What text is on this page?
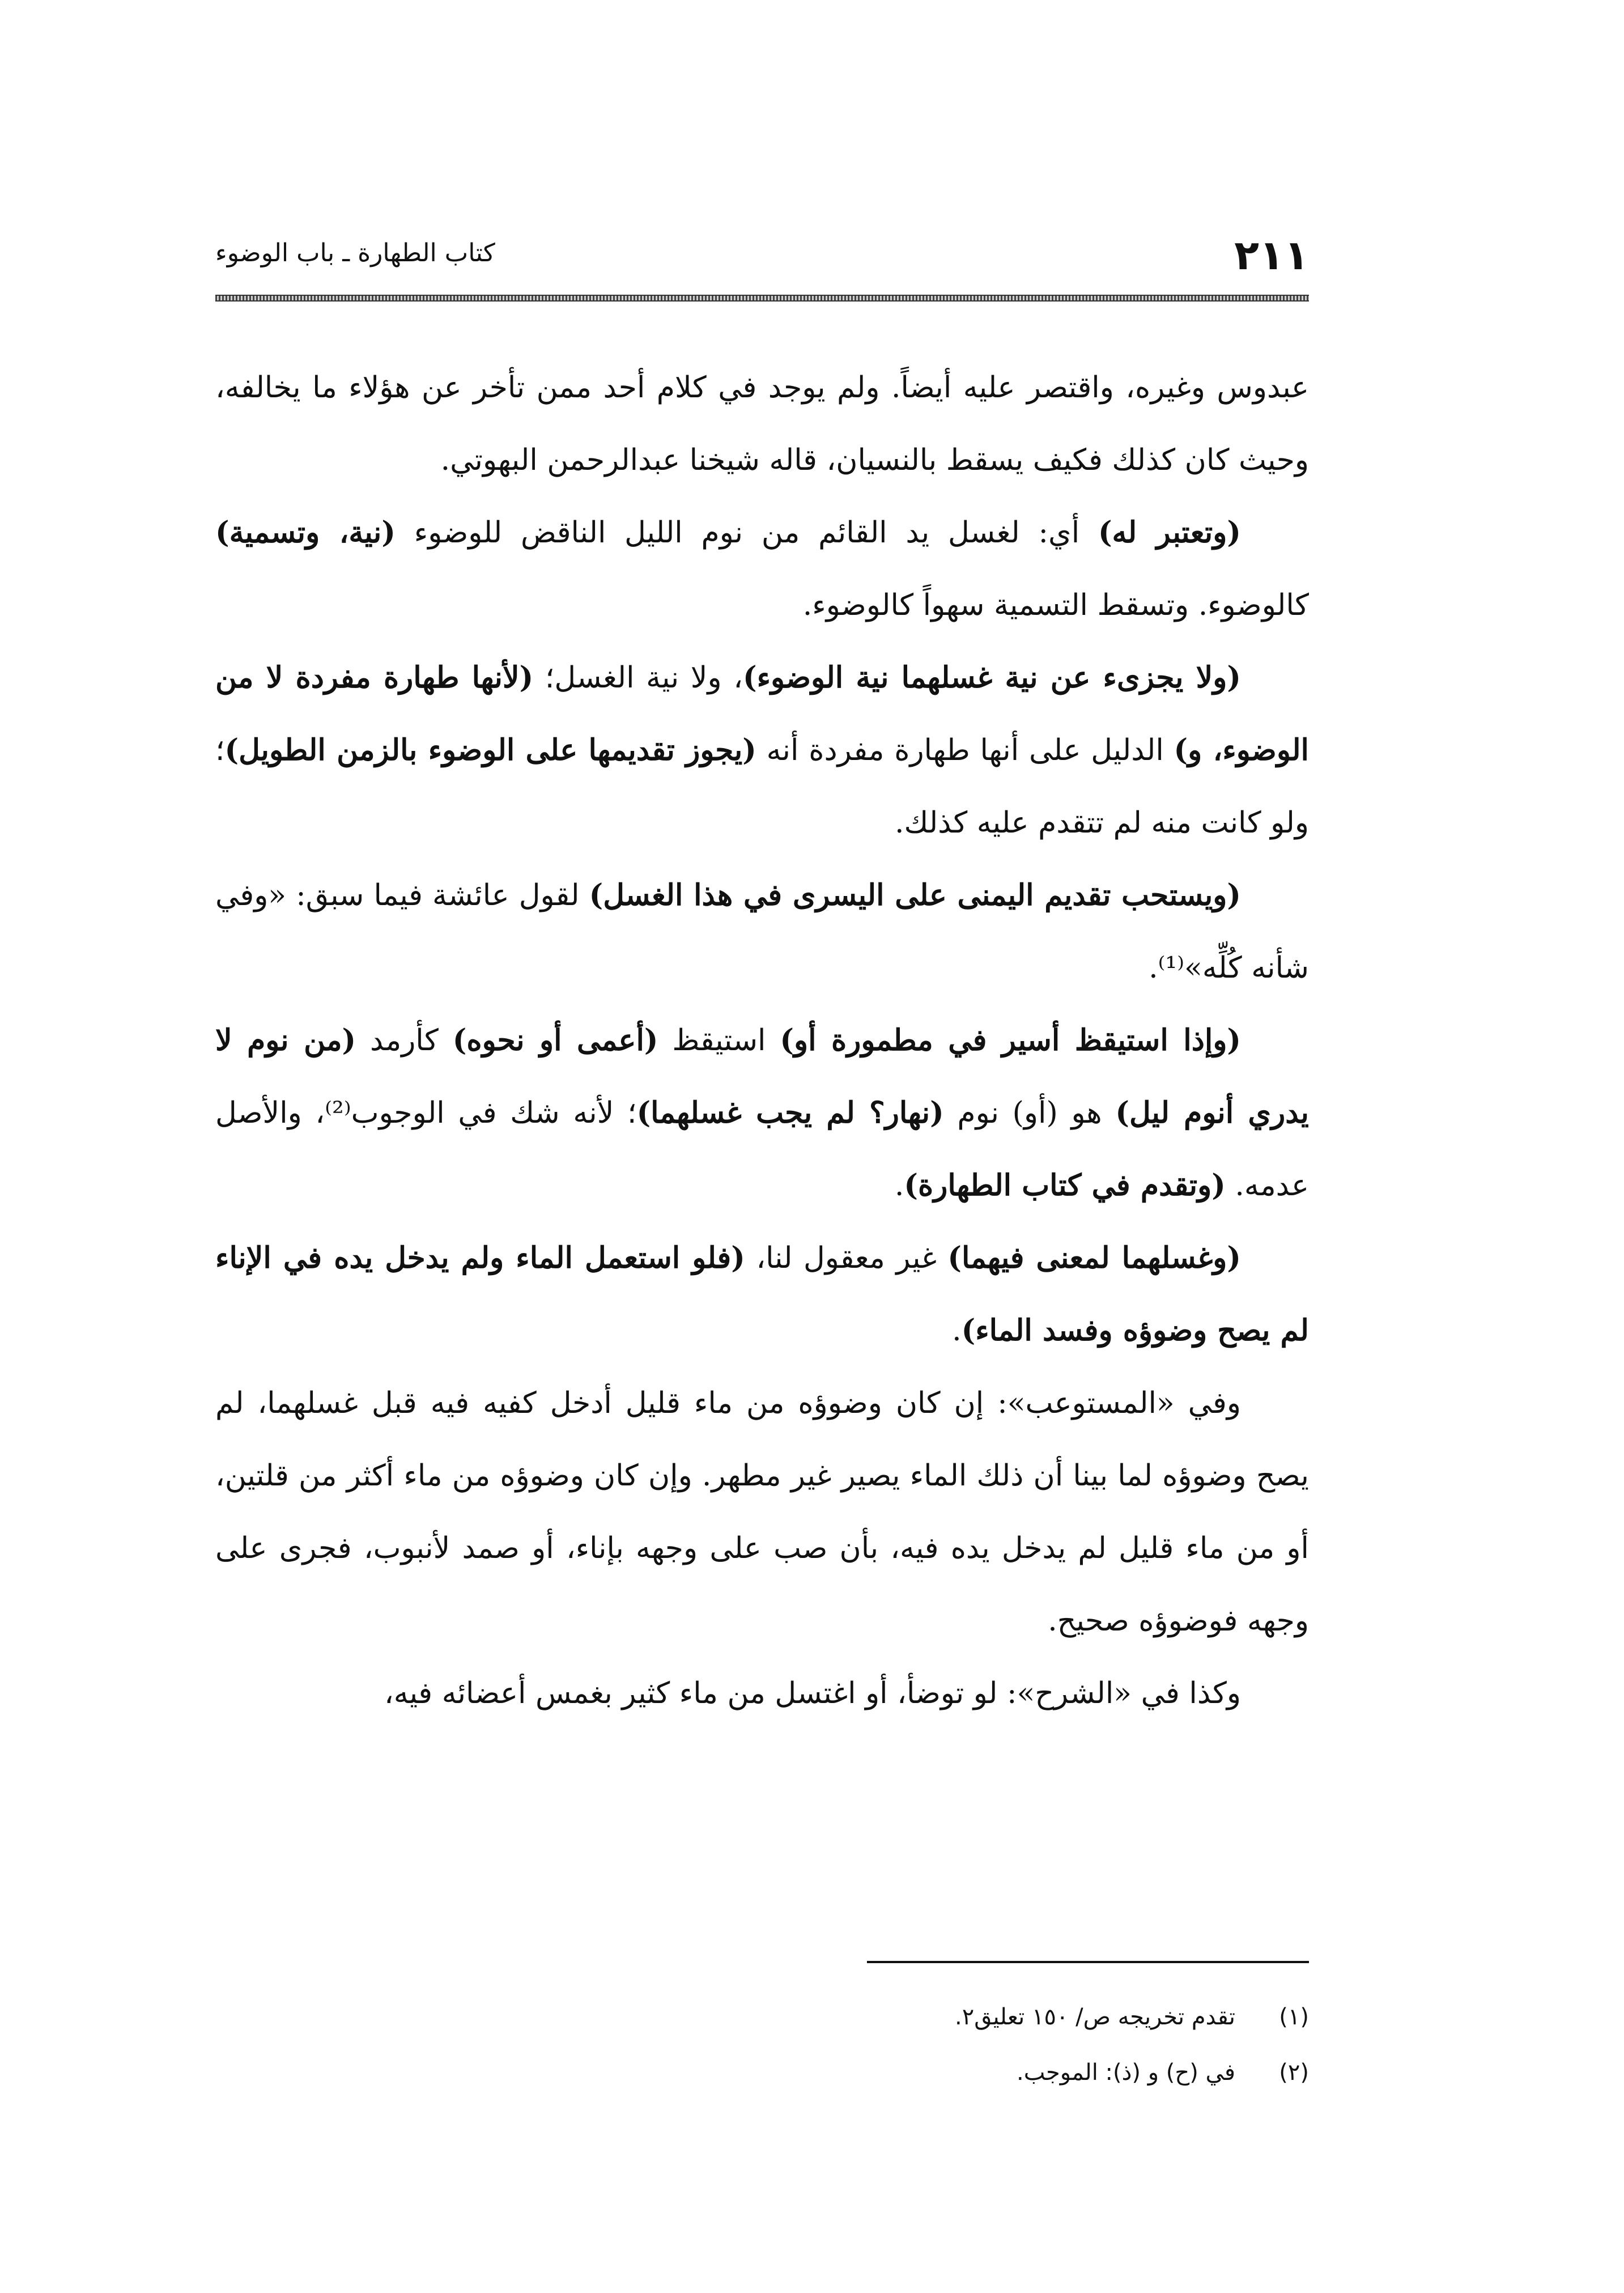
٢١١
كتاب الطهارة ـ باب الوضوء

عبدوس وغيره، واقتصر عليه أيضاً. ولم يوجد في كلام أحد ممن تأخر عن هؤلاء ما يخالفه، وحيث كان كذلك فكيف يسقط بالنسيان، قاله شيخنا عبدالرحمن البهوتي.

(وتعتبر له) أي: لغسل يد القائم من نوم الليل الناقض للوضوء (نية، وتسمية) كالوضوء. وتسقط التسمية سهواً كالوضوء.

(ولا يجزىء عن نية غسلهما نية الوضوء)، ولا نية الغسل؛ (لأنها طهارة مفردة لا من الوضوء، و) الدليل على أنها طهارة مفردة أنه (يجوز تقديمها على الوضوء بالزمن الطويل)؛ ولو كانت منه لم تتقدم عليه كذلك.

(ويستحب تقديم اليمنى على اليسرى في هذا الغسل) لقول عائشة فيما سبق: «وفي شأنه كُلِّه»⁽¹⁾.

(وإذا استيقظ أسير في مطمورة أو) استيقظ (أعمى أو نحوه) كأرمد (من نوم لا يدري أنوم ليل) هو (أو) نوم (نهار؟ لم يجب غسلهما)؛ لأنه شك في الوجوب⁽²⁾، والأصل عدمه. (وتقدم في كتاب الطهارة).

(وغسلهما لمعنى فيهما) غير معقول لنا، (فلو استعمل الماء ولم يدخل يده في الإناء لم يصح وضوؤه وفسد الماء).

وفي «المستوعب»: إن كان وضوؤه من ماء قليل أدخل كفيه فيه قبل غسلهما، لم يصح وضوؤه لما بينا أن ذلك الماء يصير غير مطهر. وإن كان وضوؤه من ماء أكثر من قلتين، أو من ماء قليل لم يدخل يده فيه، بأن صب على وجهه بإناء، أو صمد لأنبوب، فجرى على وجهه فوضوؤه صحيح.

وكذا في «الشرح»: لو توضأ، أو اغتسل من ماء كثير بغمس أعضائه فيه،

(١)
تقدم تخريجه ص/ ١٥٠ تعليق٢.
(٢)
في (ح) و (ذ): الموجب.
